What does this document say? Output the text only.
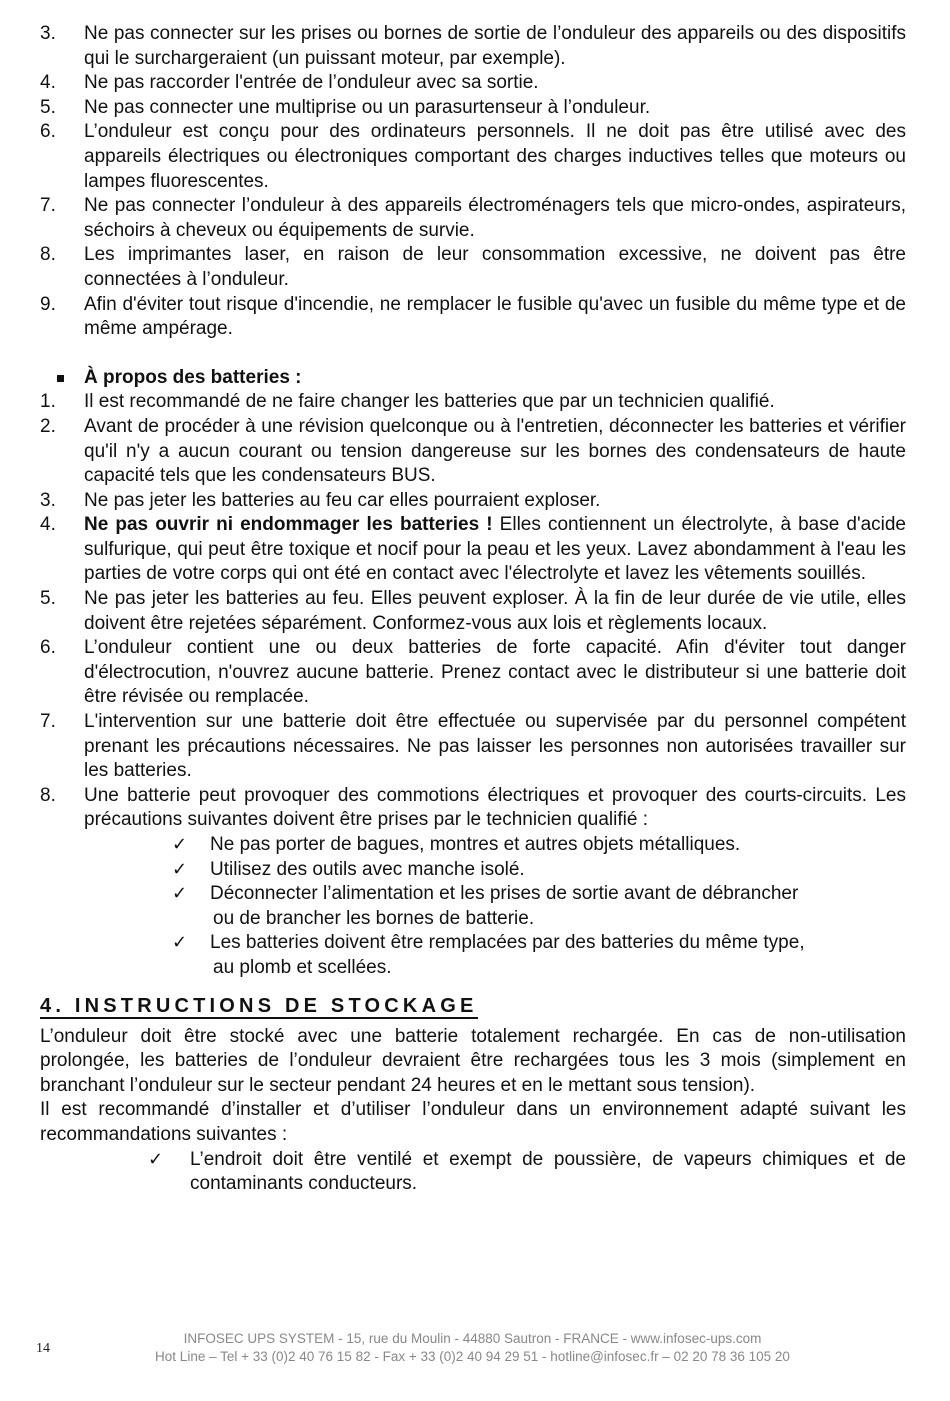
3. Ne pas connecter sur les prises ou bornes de sortie de l’onduleur des appareils ou des dispositifs qui le surchargeraient (un puissant moteur, par exemple).
4. Ne pas raccorder l'entrée de l’onduleur avec sa sortie.
5. Ne pas connecter une multiprise ou un parasurtenseur à l’onduleur.
6. L’onduleur est conçu pour des ordinateurs personnels. Il ne doit pas être utilisé avec des appareils électriques ou électroniques comportant des charges inductives telles que moteurs ou lampes fluorescentes.
7. Ne pas connecter l’onduleur à des appareils électroménagers tels que micro-ondes, aspirateurs, séchoirs à cheveux ou équipements de survie.
8. Les imprimantes laser, en raison de leur consommation excessive, ne doivent pas être connectées à l’onduleur.
9. Afin d'éviter tout risque d'incendie, ne remplacer le fusible qu'avec un fusible du même type et de même ampérage.
À propos des batteries :
1. Il est recommandé de ne faire changer les batteries que par un technicien qualifié.
2. Avant de procéder à une révision quelconque ou à l'entretien, déconnecter les batteries et vérifier qu'il n'y a aucun courant ou tension dangereuse sur les bornes des condensateurs de haute capacité tels que les condensateurs BUS.
3. Ne pas jeter les batteries au feu car elles pourraient exploser.
4. Ne pas ouvrir ni endommager les batteries ! Elles contiennent un électrolyte, à base d'acide sulfurique, qui peut être toxique et nocif pour la peau et les yeux. Lavez abondamment à l'eau les parties de votre corps qui ont été en contact avec l'électrolyte et lavez les vêtements souillés.
5. Ne pas jeter les batteries au feu. Elles peuvent exploser. À la fin de leur durée de vie utile, elles doivent être rejetées séparément. Conformez-vous aux lois et règlements locaux.
6. L’onduleur contient une ou deux batteries de forte capacité. Afin d'éviter tout danger d'électrocution, n'ouvrez aucune batterie. Prenez contact avec le distributeur si une batterie doit être révisée ou remplacée.
7. L'intervention sur une batterie doit être effectuée ou supervisée par du personnel compétent prenant les précautions nécessaires. Ne pas laisser les personnes non autorisées travailler sur les batteries.
8. Une batterie peut provoquer des commotions électriques et provoquer des courts-circuits. Les précautions suivantes doivent être prises par le technicien qualifié :
✓ Ne pas porter de bagues, montres et autres objets métalliques.
✓ Utilisez des outils avec manche isolé.
✓ Déconnecter l’alimentation et les prises de sortie avant de débrancher
ou de brancher les bornes de batterie.
✓ Les batteries doivent être remplacées par des batteries du même type,
au plomb et scellées.
4. INSTRUCTIONS DE STOCKAGE
L’onduleur doit être stocké avec une batterie totalement rechargée. En cas de non-utilisation prolongée, les batteries de l’onduleur devraient être rechargées tous les 3 mois (simplement en branchant l’onduleur sur le secteur pendant 24 heures et en le mettant sous tension).
Il est recommandé d’installer et d’utiliser l’onduleur dans un environnement adapté suivant les recommandations suivantes :
✓ L’endroit doit être ventilé et exempt de poussière, de vapeurs chimiques et de contaminants conducteurs.
14
INFOSEC UPS SYSTEM - 15, rue du Moulin - 44880 Sautron - FRANCE - www.infosec-ups.com
Hot Line – Tel + 33 (0)2 40 76 15 82 - Fax + 33 (0)2 40 94 29 51 - hotline@infosec.fr – 02 20 78 36 105 20
